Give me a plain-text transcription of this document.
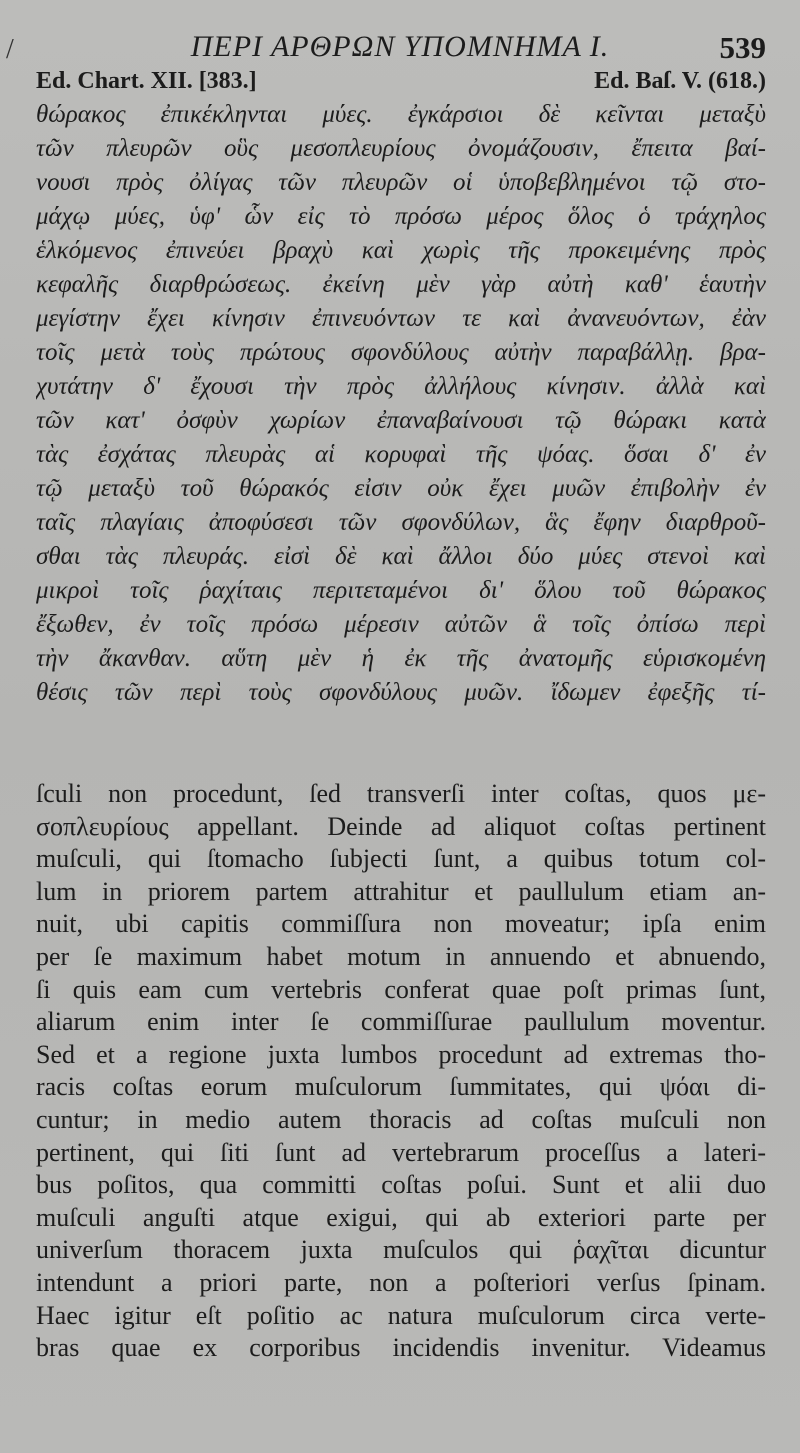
/	ΠΕΡΙ ΑΡΘΡΩΝ ΥΠΟΜΝΗΜΑ Ι.	539
Ed. Chart. XII. [383.]	Ed. Baſ. V. (618.)
θώρακος ἐπικέκληνται μύες. ἐγκάρσιοι δὲ κεῖνται μεταξὺ
τῶν πλευρῶν οὓς μεσοπλευρίους ὀνομάζουσιν, ἔπειτα βαί-
νουσι πρὸς ὀλίγας τῶν πλευρῶν οἱ ὑποβεβλημένοι τῷ στο-
μάχῳ μύες, ὑφ' ὧν εἰς τὸ πρόσω μέρος ὅλος ὁ τράχηλος
ἑλκόμενος ἐπινεύει βραχὺ καὶ χωρὶς τῆς προκειμένης πρὸς
κεφαλῆς διαρθρώσεως. ἐκείνη μὲν γὰρ αὐτὴ καθ' ἑαυτὴν
μεγίστην ἔχει κίνησιν ἐπινευόντων τε καὶ ἀνανευόντων, ἐὰν
τοῖς μετὰ τοὺς πρώτους σφονδύλους αὐτὴν παραβάλλῃ. βρα-
χυτάτην δ' ἔχουσι τὴν πρὸς ἀλλήλους κίνησιν. ἀλλὰ καὶ
τῶν κατ' ὀσφὺν χωρίων ἐπαναβαίνουσι τῷ θώρακι κατὰ
τὰς ἐσχάτας πλευρὰς αἱ κορυφαὶ τῆς ψόας. ὅσαι δ' ἐν
τῷ μεταξὺ τοῦ θώρακός εἰσιν οὐκ ἔχει μυῶν ἐπιβολὴν ἐν
ταῖς πλαγίαις ἀποφύσεσι τῶν σφονδύλων, ἃς ἔφην διαρθροῦ-
σθαι τὰς πλευράς. εἰσὶ δὲ καὶ ἄλλοι δύο μύες στενοὶ καὶ
μικροὶ τοῖς ῥαχίταις περιτεταμένοι δι' ὅλου τοῦ θώρακος
ἔξωθεν, ἐν τοῖς πρόσω μέρεσιν αὐτῶν ἃ τοῖς ὀπίσω περὶ
τὴν ἄκανθαν. αὕτη μὲν ἡ ἐκ τῆς ἀνατομῆς εὑρισκομένη
θέσις τῶν περὶ τοὺς σφονδύλους μυῶν. ἴδωμεν ἐφεξῆς τί-
ſculi non procedunt, ſed transverſi inter coſtas, quos με-
σοπλευρίους appellant. Deinde ad aliquot coſtas pertinent
muſculi, qui ſtomacho ſubjecti ſunt, a quibus totum col-
lum in priorem partem attrahitur et paullulum etiam an-
nuit, ubi capitis commiſſura non moveatur; ipſa enim
per ſe maximum habet motum in annuendo et abnuendo,
ſi quis eam cum vertebris conferat quae poſt primas ſunt,
aliarum enim inter ſe commiſſurae paullulum moventur.
Sed et a regione juxta lumbos procedunt ad extremas tho-
racis coſtas eorum muſculorum ſummitates, qui ψόαι di-
cuntur; in medio autem thoracis ad coſtas muſculi non
pertinent, qui ſiti ſunt ad vertebrarum proceſſus a lateri-
bus poſitos, qua committi coſtas poſui. Sunt et alii duo
muſculi anguſti atque exigui, qui ab exteriori parte per
univerſum thoracem juxta muſculos qui ῥαχῖται dicuntur
intendunt a priori parte, non a poſteriori verſus ſpinam.
Haec igitur eſt poſitio ac natura muſculorum circa verte-
bras quae ex corporibus incidendis invenitur. Videamus
